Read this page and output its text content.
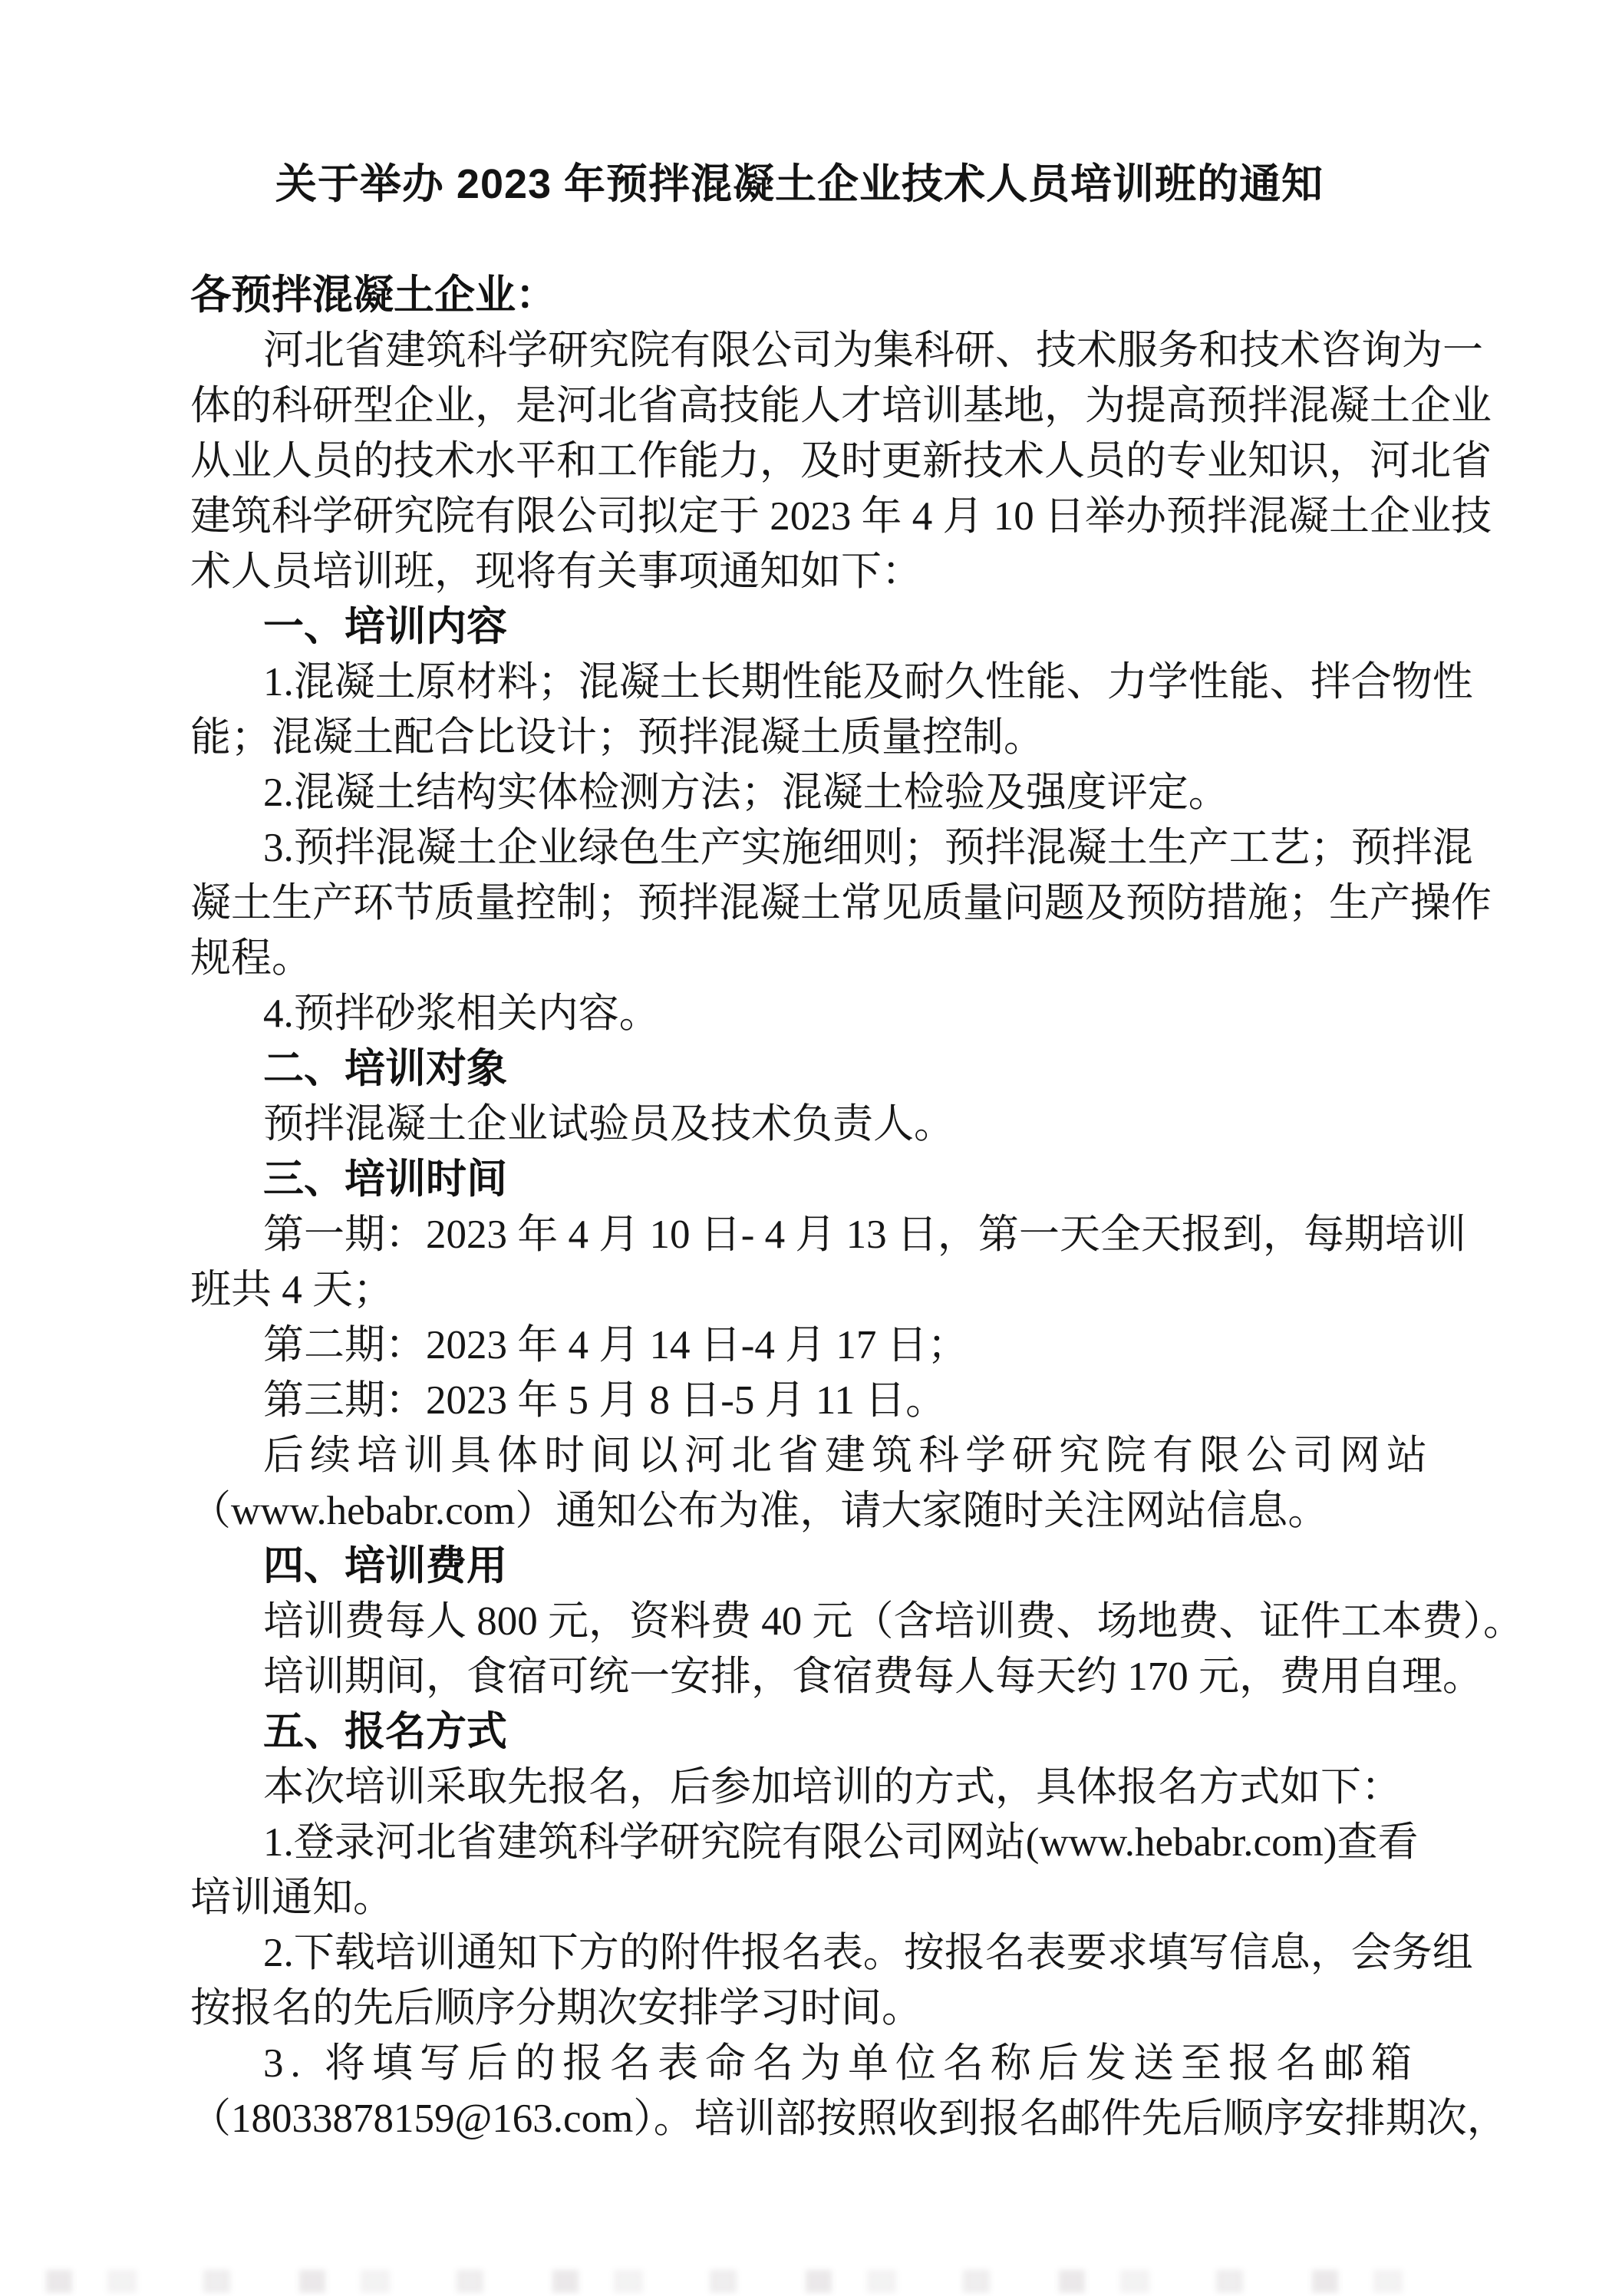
关于举办 2023 年预拌混凝土企业技术人员培训班的通知
各预拌混凝土企业：
河北省建筑科学研究院有限公司为集科研、技术服务和技术咨询为一
体的科研型企业，是河北省高技能人才培训基地，为提高预拌混凝土企业
从业人员的技术水平和工作能力，及时更新技术人员的专业知识，河北省
建筑科学研究院有限公司拟定于 2023 年 4 月 10 日举办预拌混凝土企业技
术人员培训班，现将有关事项通知如下：
一、培训内容
1.混凝土原材料；混凝土长期性能及耐久性能、力学性能、拌合物性
能；混凝土配合比设计；预拌混凝土质量控制。
2.混凝土结构实体检测方法；混凝土检验及强度评定。
3.预拌混凝土企业绿色生产实施细则；预拌混凝土生产工艺；预拌混
凝土生产环节质量控制；预拌混凝土常见质量问题及预防措施；生产操作
规程。
4.预拌砂浆相关内容。
二、培训对象
预拌混凝土企业试验员及技术负责人。
三、培训时间
第一期：2023 年 4 月 10 日- 4 月 13 日，第一天全天报到，每期培训
班共 4 天；
第二期：2023 年 4 月 14 日-4 月 17 日；
第三期：2023 年 5 月 8 日-5 月 11 日。
后续培训具体时间以河北省建筑科学研究院有限公司网站
（www.hebabr.com）通知公布为准，请大家随时关注网站信息。
四、培训费用
培训费每人 800 元，资料费 40 元（含培训费、场地费、证件工本费）。
培训期间，食宿可统一安排，食宿费每人每天约 170 元，费用自理。
五、报名方式
本次培训采取先报名，后参加培训的方式，具体报名方式如下：
1.登录河北省建筑科学研究院有限公司网站(www.hebabr.com)查看
培训通知。
2.下载培训通知下方的附件报名表。按报名表要求填写信息，会务组
按报名的先后顺序分期次安排学习时间。
3. 将填写后的报名表命名为单位名称后发送至报名邮箱
（18033878159@163.com）。培训部按照收到报名邮件先后顺序安排期次，
